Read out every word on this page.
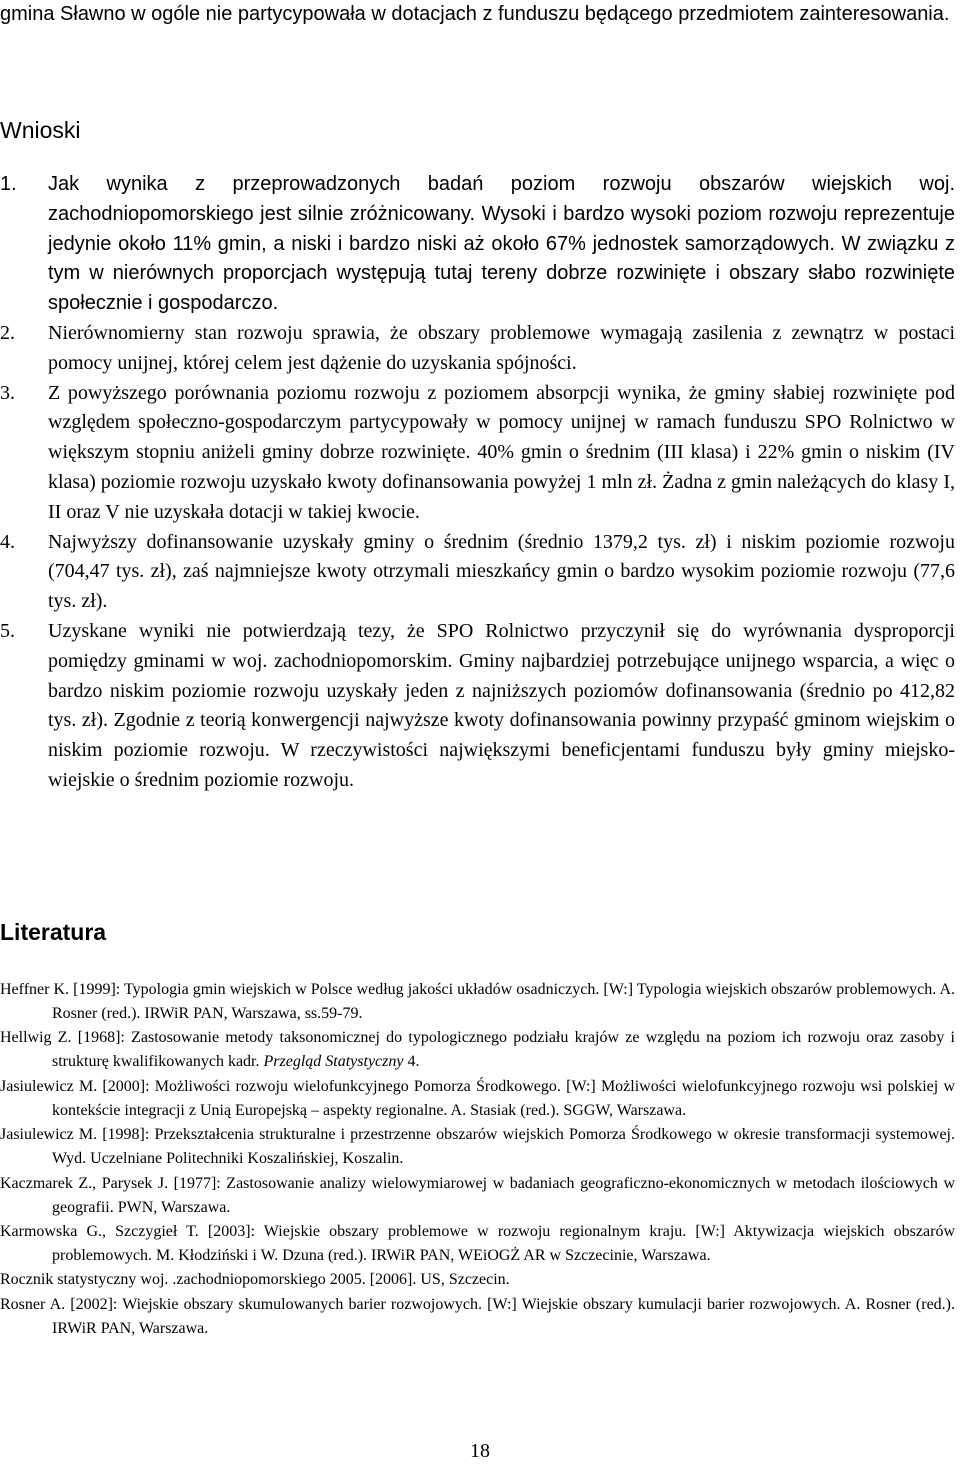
gmina Sławno w ogóle nie partycypowała w dotacjach z funduszu będącego przedmiotem zainteresowania.

Wnioski
1. Jak wynika z przeprowadzonych badań poziom rozwoju obszarów wiejskich woj. zachodniopomorskiego jest silnie zróżnicowany. Wysoki i bardzo wysoki poziom rozwoju reprezentuje jedynie około 11% gmin, a niski i bardzo niski aż około 67% jednostek samorządowych. W związku z tym w nierównych proporcjach występują tutaj tereny dobrze rozwinięte i obszary słabo rozwinięte społecznie i gospodarczo.
2. Nierównomierny stan rozwoju sprawia, że obszary problemowe wymagają zasilenia z zewnątrz w postaci pomocy unijnej, której celem jest dążenie do uzyskania spójności.
3. Z powyższego porównania poziomu rozwoju z poziomem absorpcji wynika, że gminy słabiej rozwinięte pod względem społeczno-gospodarczym partycypowały w pomocy unijnej w ramach funduszu SPO Rolnictwo w większym stopniu aniżeli gminy dobrze rozwinięte. 40% gmin o średnim (III klasa) i 22% gmin o niskim (IV klasa) poziomie rozwoju uzyskało kwoty dofinansowania powyżej 1 mln zł. Żadna z gmin należących do klasy I, II oraz V nie uzyskała dotacji w takiej kwocie.
4. Najwyższy dofinansowanie uzyskały gminy o średnim (średnio 1379,2 tys. zł) i niskim poziomie rozwoju (704,47 tys. zł), zaś najmniejsze kwoty otrzymali mieszkańcy gmin o bardzo wysokim poziomie rozwoju (77,6 tys. zł).
5. Uzyskane wyniki nie potwierdzają tezy, że SPO Rolnictwo przyczynił się do wyrównania dysproporcji pomiędzy gminami w woj. zachodniopomorskim. Gminy najbardziej potrzebujące unijnego wsparcia, a więc o bardzo niskim poziomie rozwoju uzyskały jeden z najniższych poziomów dofinansowania (średnio po 412,82 tys. zł). Zgodnie z teorią konwergencji najwyższe kwoty dofinansowania powinny przypaść gminom wiejskim o niskim poziomie rozwoju. W rzeczywistości największymi beneficjentami funduszu były gminy miejsko-wiejskie o średnim poziomie rozwoju.
Literatura
Heffner K. [1999]: Typologia gmin wiejskich w Polsce według jakości układów osadniczych. [W:] Typologia wiejskich obszarów problemowych. A. Rosner (red.). IRWiR PAN, Warszawa, ss.59-79.
Hellwig Z. [1968]: Zastosowanie metody taksonomicznej do typologicznego podziału krajów ze względu na poziom ich rozwoju oraz zasoby i strukturę kwalifikowanych kadr. Przegląd Statystyczny 4.
Jasiulewicz M. [2000]: Możliwości rozwoju wielofunkcyjnego Pomorza Środkowego. [W:] Możliwości wielofunkcyjnego rozwoju wsi polskiej w kontekście integracji z Unią Europejską – aspekty regionalne. A. Stasiak (red.). SGGW, Warszawa.
Jasiulewicz M. [1998]: Przekształcenia strukturalne i przestrzenne obszarów wiejskich Pomorza Środkowego w okresie transformacji systemowej. Wyd. Uczelniane Politechniki Koszalińskiej, Koszalin.
Kaczmarek Z., Parysek J. [1977]: Zastosowanie analizy wielowymiarowej w badaniach geograficzno-ekonomicznych w metodach ilościowych w geografii. PWN, Warszawa.
Karmowska G., Szczygieł T. [2003]: Wiejskie obszary problemowe w rozwoju regionalnym kraju. [W:] Aktywizacja wiejskich obszarów problemowych. M. Kłodziński i W. Dzuna (red.). IRWiR PAN, WEiOGŻ AR w Szczecinie, Warszawa.
Rocznik statystyczny woj. .zachodniopomorskiego 2005. [2006]. US, Szczecin.
Rosner A. [2002]: Wiejskie obszary skumulowanych barier rozwojowych. [W:] Wiejskie obszary kumulacji barier rozwojowych. A. Rosner (red.). IRWiR PAN, Warszawa.
18
